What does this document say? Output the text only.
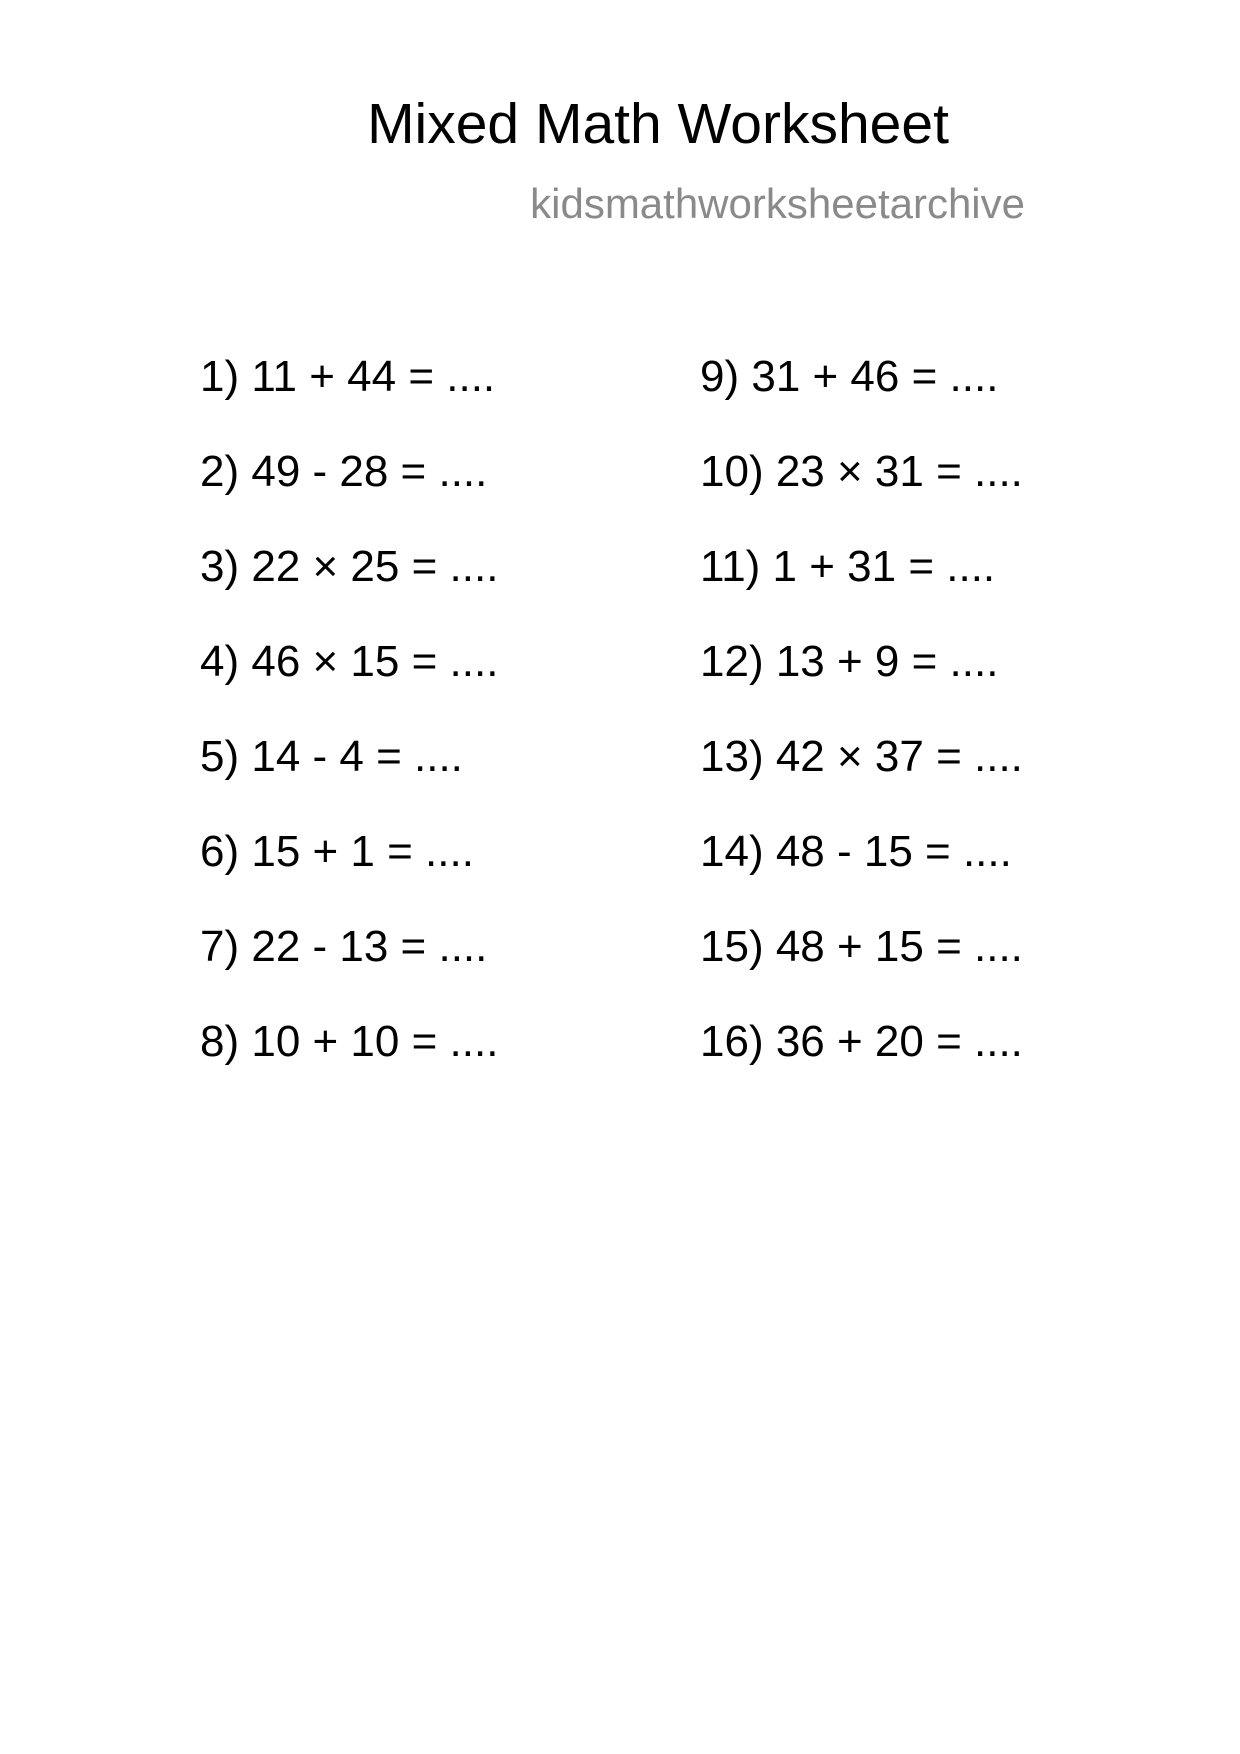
Mixed Math Worksheet
kidsmathworksheetarchive
1) 11 + 44 = ....
2) 49 - 28 = ....
3) 22 × 25 = ....
4) 46 × 15 = ....
5) 14 - 4 = ....
6) 15 + 1 = ....
7) 22 - 13 = ....
8) 10 + 10 = ....
9) 31 + 46 = ....
10) 23 × 31 = ....
11) 1 + 31 = ....
12) 13 + 9 = ....
13) 42 × 37 = ....
14) 48 - 15 = ....
15) 48 + 15 = ....
16) 36 + 20 = ....
